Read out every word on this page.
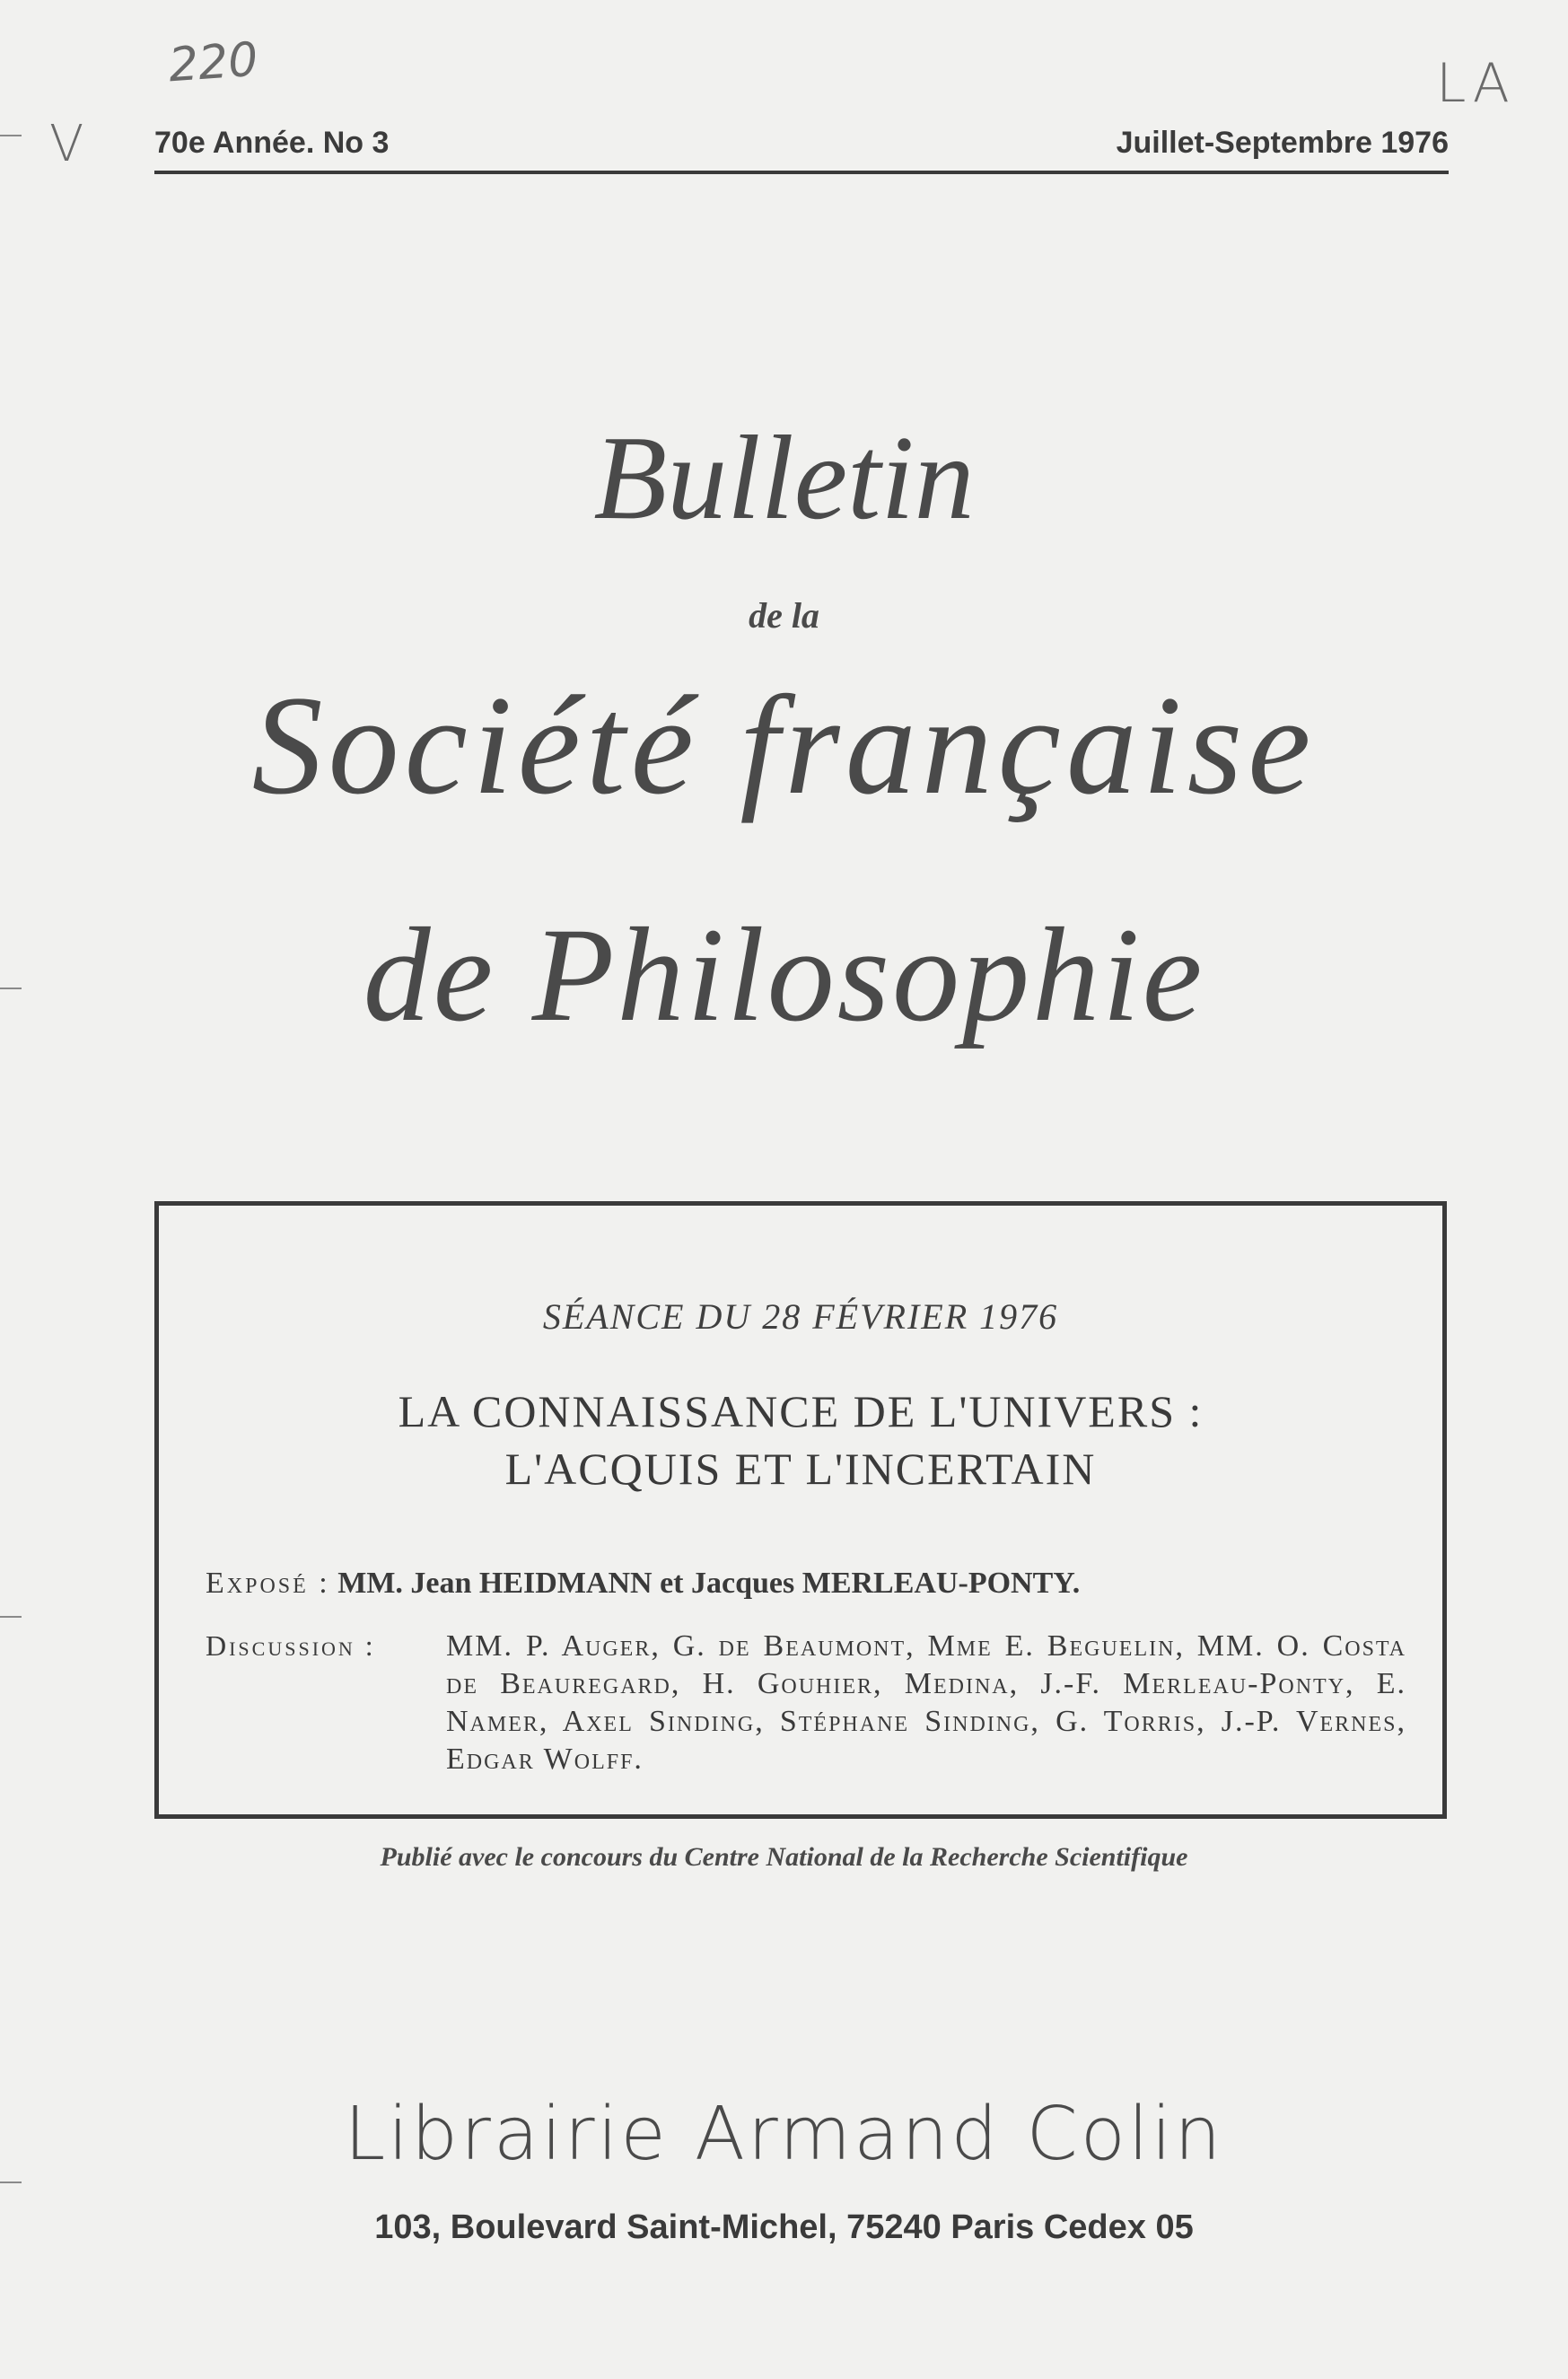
220	LA
V 70e Année. No 3	Juillet-Septembre 1976
Bulletin
de la
Société française
de Philosophie
SÉANCE DU 28 FÉVRIER 1976
LA CONNAISSANCE DE L'UNIVERS :
L'ACQUIS ET L'INCERTAIN
Exposé : MM. Jean HEIDMANN et Jacques MERLEAU-PONTY.
Discussion : MM. P. Auger, G. de Beaumont, Mme E. Beguelin, MM. O. Costa de Beauregard, H. Gouhier, Medina, J.-F. Merleau-Ponty, E. Namer, Axel Sinding, Stéphane Sinding, G. Torris, J.-P. Vernes, Edgar Wolff.
Publié avec le concours du Centre National de la Recherche Scientifique
Librairie Armand Colin
103, Boulevard Saint-Michel, 75240 Paris Cedex 05
